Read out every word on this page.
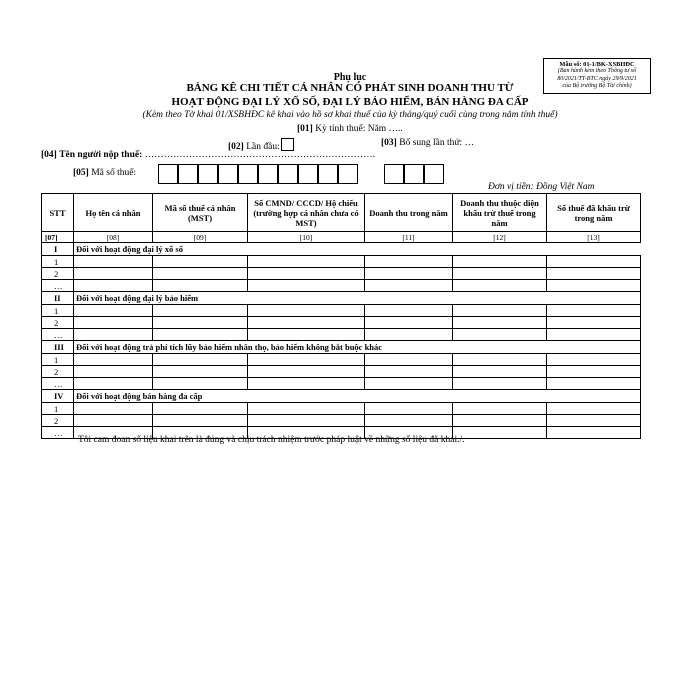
Mẫu số: 01-1/BK-XSBHĐC
(Ban hành kèm theo Thông tư số
80/2021/TT-BTC ngày 29/9/2021
của Bộ trưởng Bộ Tài chính)
Phụ lục
BẢNG KÊ CHI TIẾT CÁ NHÂN CÓ PHÁT SINH DOANH THU TỪ
HOẠT ĐỘNG ĐẠI LÝ XỔ SỐ, ĐẠI LÝ BẢO HIỂM, BÁN HÀNG ĐA CẤP
(Kèm theo Tờ khai 01/XSBHĐC kê khai vào hồ sơ khai thuế của kỳ tháng/quý cuối cùng trong năm tính thuế)
[01] Kỳ tính thuế: Năm …..
[02] Lần đầu:	[03] Bổ sung lần thứ: …
[04] Tên người nộp thuế: ……………………………………………………………….
[05] Mã số thuế:
Đơn vị tiền: Đồng Việt Nam
STT	Họ tên cá nhân	Mã số thuế cá nhân (MST)	Số CMND/ CCCD/ Hộ chiếu (trường hợp cá nhân chưa có MST)	Doanh thu trong năm	Doanh thu thuộc diện khấu trừ thuế trong năm	Số thuế đã khấu trừ trong năm
[07]	[08]	[09]	[10]	[11]	[12]	[13]
I	Đối với hoạt động đại lý xổ số					
1						
2						
…						
II	Đối với hoạt động đại lý bảo hiểm					
1						
2						
…						
III	Đối với hoạt động trả phí tích lũy bảo hiểm nhân thọ, bảo hiểm không bắt buộc khác					
1						
2						
…						
IV	Đối với hoạt động bán hàng đa cấp					
1						
2						
…						
Tôi cam đoan số liệu khai trên là đúng và chịu trách nhiệm trước pháp luật về những số liệu đã khai./.
